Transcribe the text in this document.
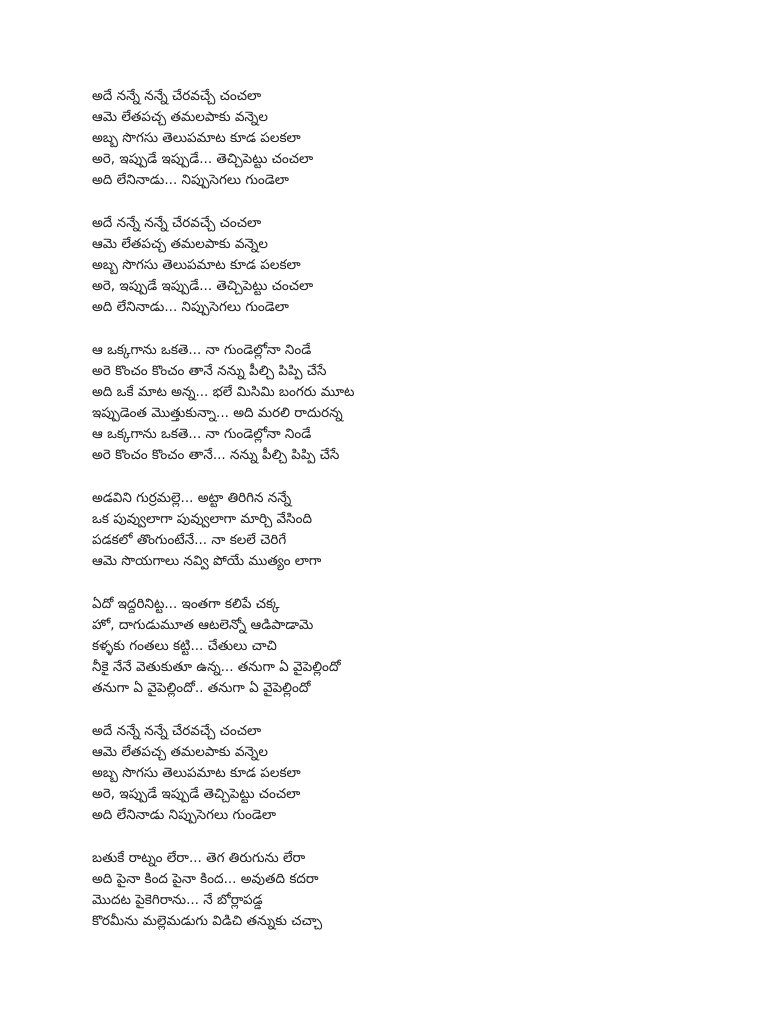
అదే నన్నే నన్నే చేరవచ్చే చంచలా
ఆమె లేతపచ్చ తమలపాకు వన్నెల
అబ్బ సొగసు తెలుపమాట కూడ పలకలా
అరె, ఇప్పుడే ఇప్పుడే... తెచ్చిపెట్టు చంచలా
అది లేనినాడు... నిప్పుసెగలు గుండెలా
అదే నన్నే నన్నే చేరవచ్చే చంచలా
ఆమె లేతపచ్చ తమలపాకు వన్నెల
అబ్బ సొగసు తెలుపమాట కూడ పలకలా
అరె, ఇప్పుడే ఇప్పుడే... తెచ్చిపెట్టు చంచలా
అది లేనినాడు... నిప్పుసెగలు గుండెలా
ఆ ఒక్కగాను ఒకతె... నా గుండెల్లోనా నిండే
అరె కొంచం కొంచం తానే నన్ను పీల్చి పిప్పి చేసే
అది ఒకే మాట అన్న... భలే మిసిమి బంగరు మూట
ఇప్పుడెంత మొత్తుకున్నా... అది మరలి రాదురన్న
ఆ ఒక్కగాను ఒకతె... నా గుండెల్లోనా నిండే
అరె కొంచం కొంచం తానే... నన్ను పీల్చి పిప్పి చేసే
అడవిని గుర్రమల్లె... అట్టా తిరిగిన నన్నే
ఒక పువ్వులాగా పువ్వులాగా మార్చి వేసింది
పడకలో తొంగుంటేనే... నా కలలే చెరిగే
ఆమె సొయగాలు నవ్వి పోయే ముత్యం లాగా
ఏదో ఇద్దరినిట్ట... ఇంతగా కలిపే చక్క
హో, దాగుడుమూత ఆటలెన్నో ఆడిపాడామె
కళ్ళకు గంతలు కట్టి... చేతులు చాచి
నీకై నేనే వెతుకుతూ ఉన్న... తనుగా ఏ వైపెల్లిందో
తనుగా ఏ వైపెల్లిందో.. తనుగా ఏ వైపెల్లిందో
అదే నన్నే నన్నే చేరవచ్చే చంచలా
ఆమె లేతపచ్చ తమలపాకు వన్నెల
అబ్బ సొగసు తెలుపమాట కూడ పలకలా
అరె, ఇప్పుడే ఇప్పుడే తెచ్చిపెట్టు చంచలా
అది లేనినాడు నిప్పుసెగలు గుండెలా
బతుకే రాట్నం లేరా... తెగ తిరుగును లేరా
అది పైనా కింద పైనా కింద... అవుతది కదరా
మొదట పైకెగిరాను... నే బోర్లాపడ్డ
కొరమీను మల్లెమడుగు విడిచి తన్నుకు చచ్చా
